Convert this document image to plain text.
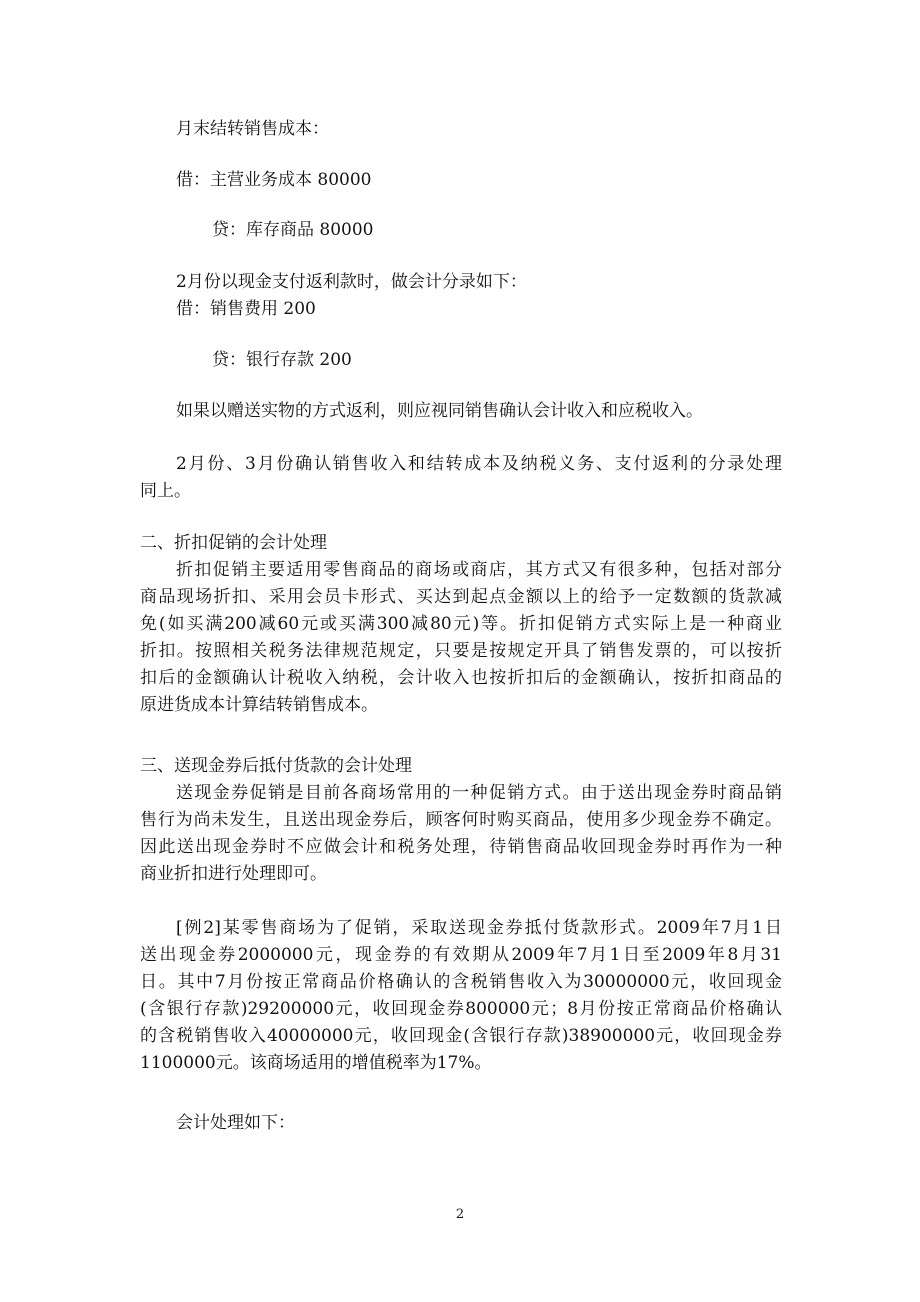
月末结转销售成本：

借：主营业务成本 80000

贷：库存商品 80000

2月份以现金支付返利款时，做会计分录如下：

借：销售费用 200

贷：银行存款 200

如果以赠送实物的方式返利，则应视同销售确认会计收入和应税收入。

2月份、3月份确认销售收入和结转成本及纳税义务、支付返利的分录处理

同上。

二、折扣促销的会计处理

折扣促销主要适用零售商品的商场或商店，其方式又有很多种，包括对部分

商品现场折扣、采用会员卡形式、买达到起点金额以上的给予一定数额的货款减

免(如买满200减60元或买满300减80元)等。折扣促销方式实际上是一种商业

折扣。按照相关税务法律规范规定，只要是按规定开具了销售发票的，可以按折

扣后的金额确认计税收入纳税，会计收入也按折扣后的金额确认，按折扣商品的

原进货成本计算结转销售成本。

三、送现金券后抵付货款的会计处理

送现金券促销是目前各商场常用的一种促销方式。由于送出现金券时商品销

售行为尚未发生，且送出现金券后，顾客何时购买商品，使用多少现金券不确定。

因此送出现金券时不应做会计和税务处理，待销售商品收回现金券时再作为一种

商业折扣进行处理即可。

[例2]某零售商场为了促销，采取送现金券抵付货款形式。2009年7月1日

送出现金券2000000元，现金券的有效期从2009年7月1日至2009年8月31

日。其中7月份按正常商品价格确认的含税销售收入为30000000元，收回现金

(含银行存款)29200000元，收回现金券800000元；8月份按正常商品价格确认

的含税销售收入40000000元，收回现金(含银行存款)38900000元，收回现金券

1100000元。该商场适用的增值税率为17%。

会计处理如下：

2
